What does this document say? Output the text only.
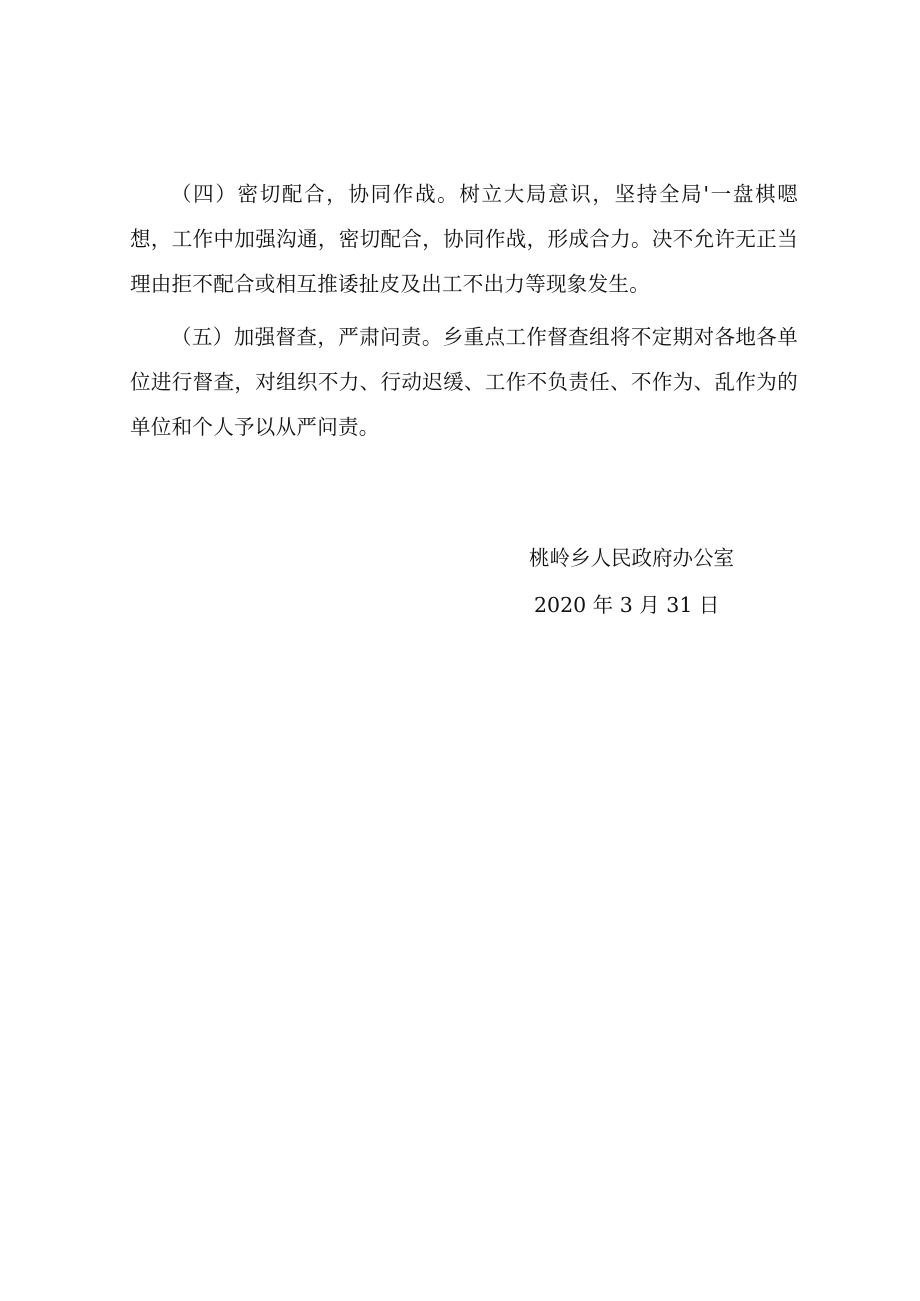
（四）密切配合，协同作战。树立大局意识，坚持全局'一盘棋嗯想，工作中加强沟通，密切配合，协同作战，形成合力。决不允许无正当理由拒不配合或相互推诿扯皮及出工不出力等现象发生。

（五）加强督查，严肃问责。乡重点工作督查组将不定期对各地各单位进行督查，对组织不力、行动迟缓、工作不负责任、不作为、乱作为的单位和个人予以从严问责。

桃岭乡人民政府办公室

2020 年 3 月 31 日
